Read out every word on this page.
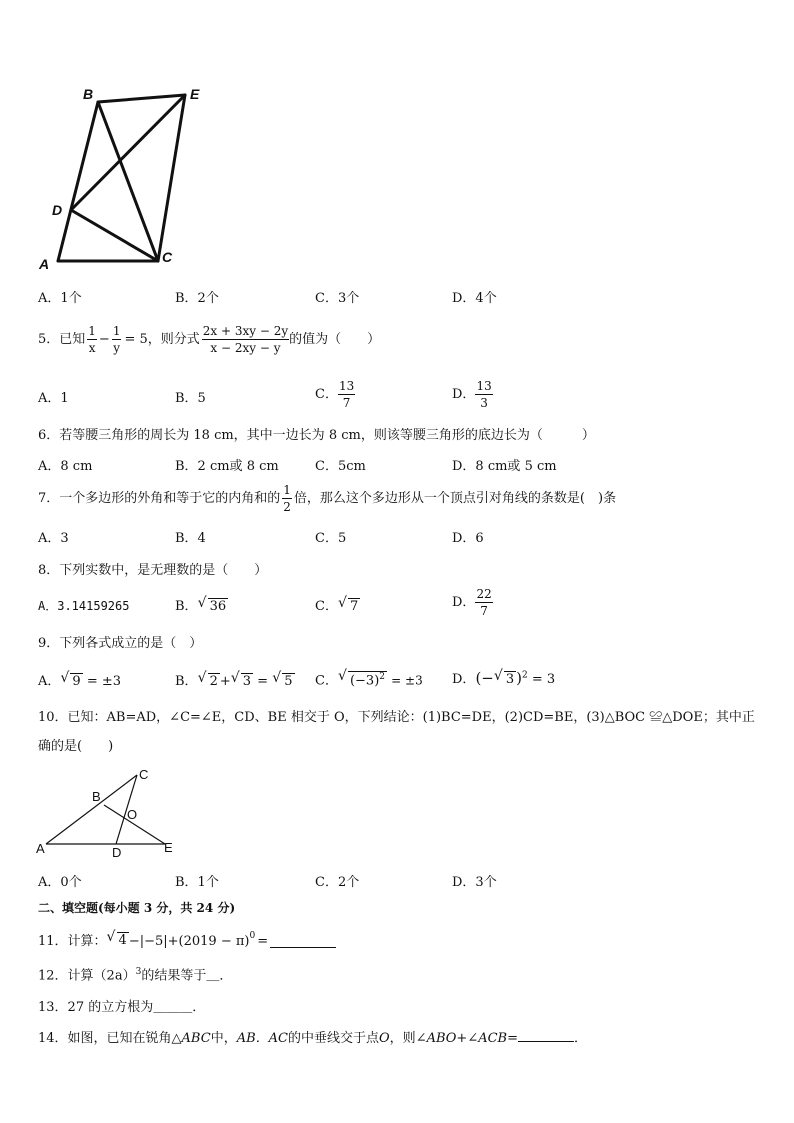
B	E
D
A	C
A．1个	B．2个	C．3个	D．4个
5．已知 $\frac{1}{x} - \frac{1}{y} = 5$，则分式 $\frac{2x + 3xy - 2y}{x - 2xy - y}$ 的值为（　　）
A．1	B．5	C． $\frac{13}{7}$	D． $\frac{13}{3}$
6．若等腰三角形的周长为 18 cm，其中一边长为 8 cm，则该等腰三角形的底边长为（　　　）
A．8 cm	B．2 cm或 8 cm	C．5cm	D．8 cm或 5 cm
7．一个多边形的外角和等于它的内角和的 $\frac{1}{2}$ 倍，那么这个多边形从一个顶点引对角线的条数是(　)条
A．3	B．4	C．5	D．6
8．下列实数中，是无理数的是（　　）
A．3.14159265	B． √ 36	C． √ 7	D． $\frac{22}{7}$
9．下列各式成立的是（　）
A． √ 9 = ±3	B． √ 2 + √ 3 = √ 5 C． √ $(-3)^2 = \pm 3$ D．(− √ 3 )$^2$ = 3
10．已知：AB=AD，∠C=∠E，CD、BE 相交于 O，下列结论：(1)BC=DE，(2)CD=BE，(3)△BOC ≌△DOE；其中正
确的是(　　)
C
B
O
A	D	E
A．0个	B．1个	C．2个	D．3个
二、填空题(每小题 3 分，共 24 分)
11．计算： √ $4 -|-5|+(2019 - \pi)^0$ =
12．计算$(2a)^3$的结果等于＿．
13．27 的立方根为＿＿＿．
14．如图，已知在锐角△ABC中，AB．AC的中垂线交于点O，则∠ABO+∠ACB=	．
